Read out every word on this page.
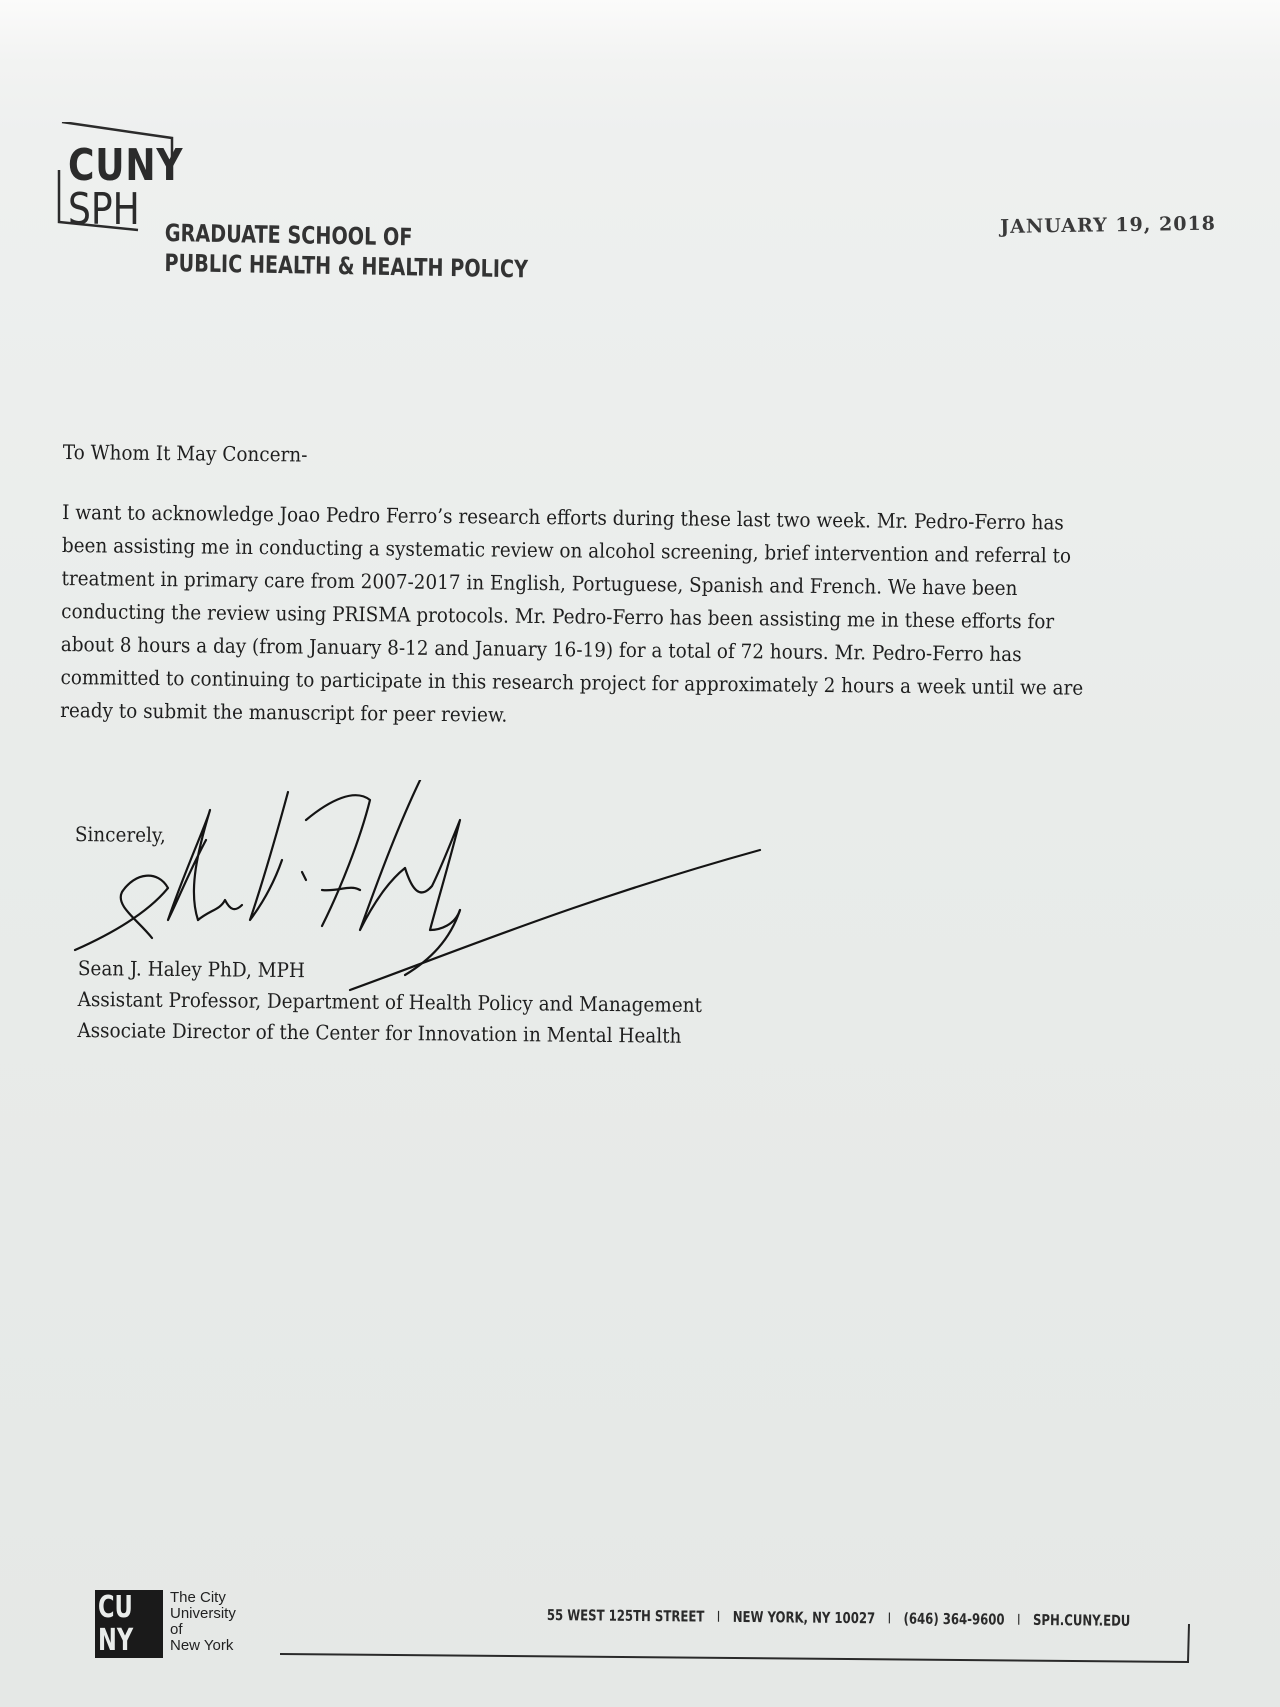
CUNY
SPH
GRADUATE SCHOOL OF
PUBLIC HEALTH & HEALTH POLICY
JANUARY 19, 2018
To Whom It May Concern-
I want to acknowledge Joao Pedro Ferro’s research efforts during these last two week. Mr. Pedro-Ferro has
been assisting me in conducting a systematic review on alcohol screening, brief intervention and referral to
treatment in primary care from 2007-2017 in English, Portuguese, Spanish and French. We have been
conducting the review using PRISMA protocols. Mr. Pedro-Ferro has been assisting me in these efforts for
about 8 hours a day (from January 8-12 and January 16-19) for a total of 72 hours. Mr. Pedro-Ferro has
committed to continuing to participate in this research project for approximately 2 hours a week until we are
ready to submit the manuscript for peer review.
Sincerely,
Sean J. Haley PhD, MPH
Assistant Professor, Department of Health Policy and Management
Associate Director of the Center for Innovation in Mental Health
CU
NY
The City
University
of
New York
55 WEST 125TH STREET I NEW YORK, NY 10027 I (646) 364-9600 I SPH.CUNY.EDU
